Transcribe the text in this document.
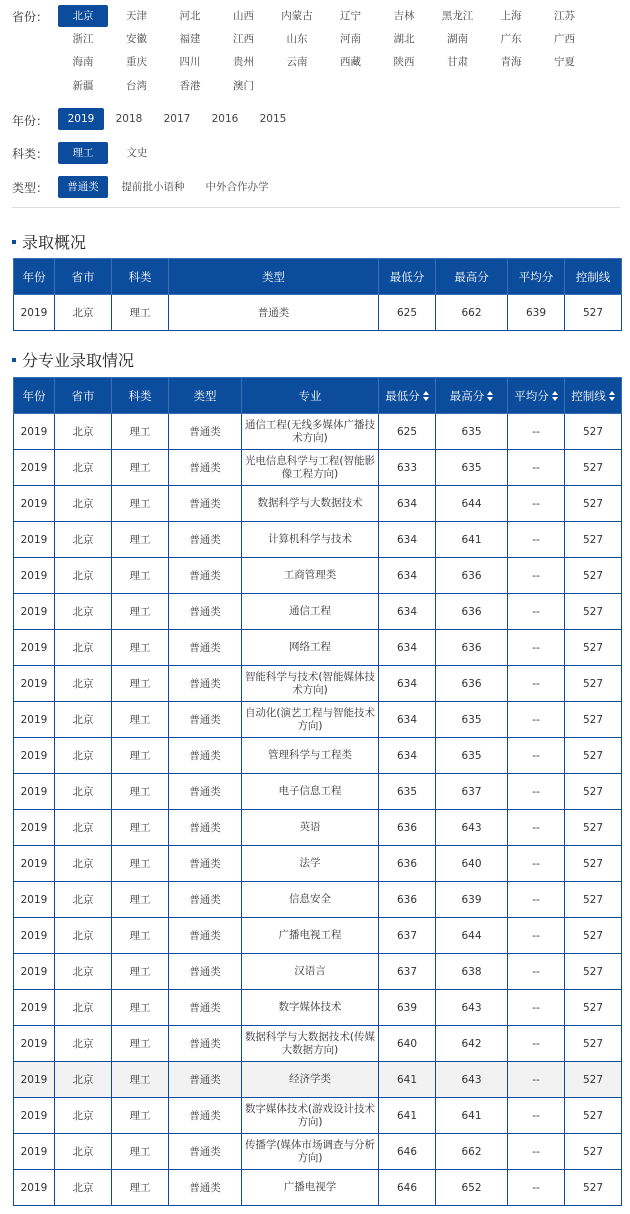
省份：	北京	天津	河北	山西	内蒙古	辽宁	吉林	黑龙江	上海	江苏
浙江	安徽	福建	江西	山东	河南	湖北	湖南	广东	广西
海南	重庆	四川	贵州	云南	西藏	陕西	甘肃	青海	宁夏
新疆	台湾	香港	澳门
年份：	2019	2018	2017	2016	2015
科类：	理工	文史
类型：	普通类	提前批小语种	中外合作办学
录取概况
年份	省市	科类	类型	最低分	最高分	平均分	控制线
2019	北京	理工	普通类	625	662	639	527
分专业录取情况
年份	省市	科类	类型	专业	最低分	最高分	平均分	控制线

2019	北京	理工	普通类	通信工程(无线多媒体广播技术方向)	625	635	--	527
2019	北京	理工	普通类	光电信息科学与工程(智能影像工程方向)	633	635	--	527
2019	北京	理工	普通类	数据科学与大数据技术	634	644	--	527
2019	北京	理工	普通类	计算机科学与技术	634	641	--	527
2019	北京	理工	普通类	工商管理类	634	636	--	527
2019	北京	理工	普通类	通信工程	634	636	--	527
2019	北京	理工	普通类	网络工程	634	636	--	527
2019	北京	理工	普通类	智能科学与技术(智能媒体技术方向)	634	636	--	527
2019	北京	理工	普通类	自动化(演艺工程与智能技术方向)	634	635	--	527
2019	北京	理工	普通类	管理科学与工程类	634	635	--	527
2019	北京	理工	普通类	电子信息工程	635	637	--	527
2019	北京	理工	普通类	英语	636	643	--	527
2019	北京	理工	普通类	法学	636	640	--	527
2019	北京	理工	普通类	信息安全	636	639	--	527
2019	北京	理工	普通类	广播电视工程	637	644	--	527
2019	北京	理工	普通类	汉语言	637	638	--	527
2019	北京	理工	普通类	数字媒体技术	639	643	--	527
2019	北京	理工	普通类	数据科学与大数据技术(传媒大数据方向)	640	642	--	527
2019	北京	理工	普通类	经济学类	641	643	--	527
2019	北京	理工	普通类	数字媒体技术(游戏设计技术方向)	641	641	--	527
2019	北京	理工	普通类	传播学(媒体市场调查与分析方向)	646	662	--	527
2019	北京	理工	普通类	广播电视学	646	652	--	527
